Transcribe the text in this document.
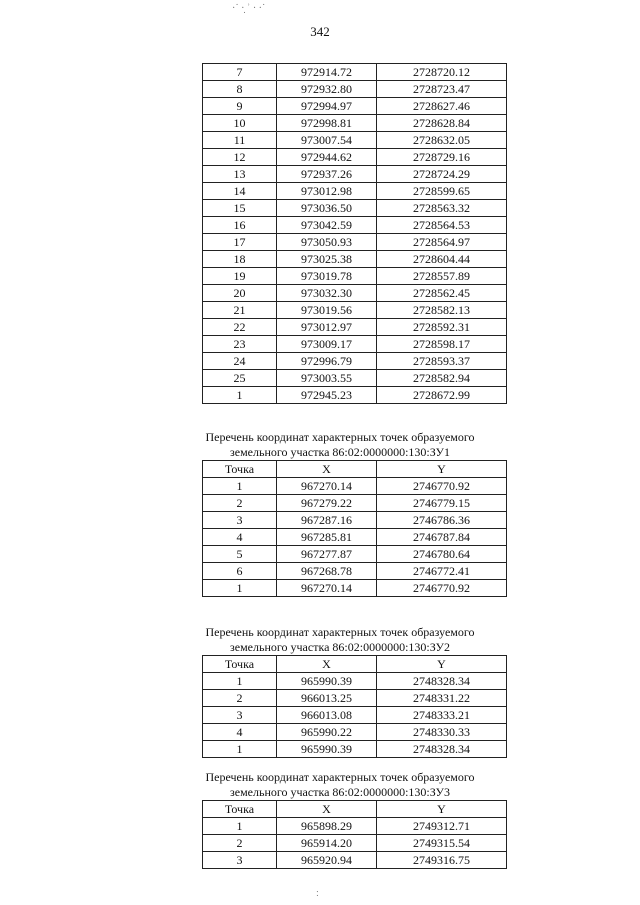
·˙ ·̣ ʾ · ·˙
342
7	972914.72	2728720.12
8	972932.80	2728723.47
9	972994.97	2728627.46
10	972998.81	2728628.84
11	973007.54	2728632.05
12	972944.62	2728729.16
13	972937.26	2728724.29
14	973012.98	2728599.65
15	973036.50	2728563.32
16	973042.59	2728564.53
17	973050.93	2728564.97
18	973025.38	2728604.44
19	973019.78	2728557.89
20	973032.30	2728562.45
21	973019.56	2728582.13
22	973012.97	2728592.31
23	973009.17	2728598.17
24	972996.79	2728593.37
25	973003.55	2728582.94
1	972945.23	2728672.99
Перечень координат характерных точек образуемого
земельного участка 86:02:0000000:130:ЗУ1
Точка	X	Y
1	967270.14	2746770.92
2	967279.22	2746779.15
3	967287.16	2746786.36
4	967285.81	2746787.84
5	967277.87	2746780.64
6	967268.78	2746772.41
1	967270.14	2746770.92
Перечень координат характерных точек образуемого
земельного участка 86:02:0000000:130:ЗУ2
Точка	X	Y
1	965990.39	2748328.34
2	966013.25	2748331.22
3	966013.08	2748333.21
4	965990.22	2748330.33
1	965990.39	2748328.34
Перечень координат характерных точек образуемого
земельного участка 86:02:0000000:130:ЗУ3
Точка	X	Y
1	965898.29	2749312.71
2	965914.20	2749315.54
3	965920.94	2749316.75
˸
